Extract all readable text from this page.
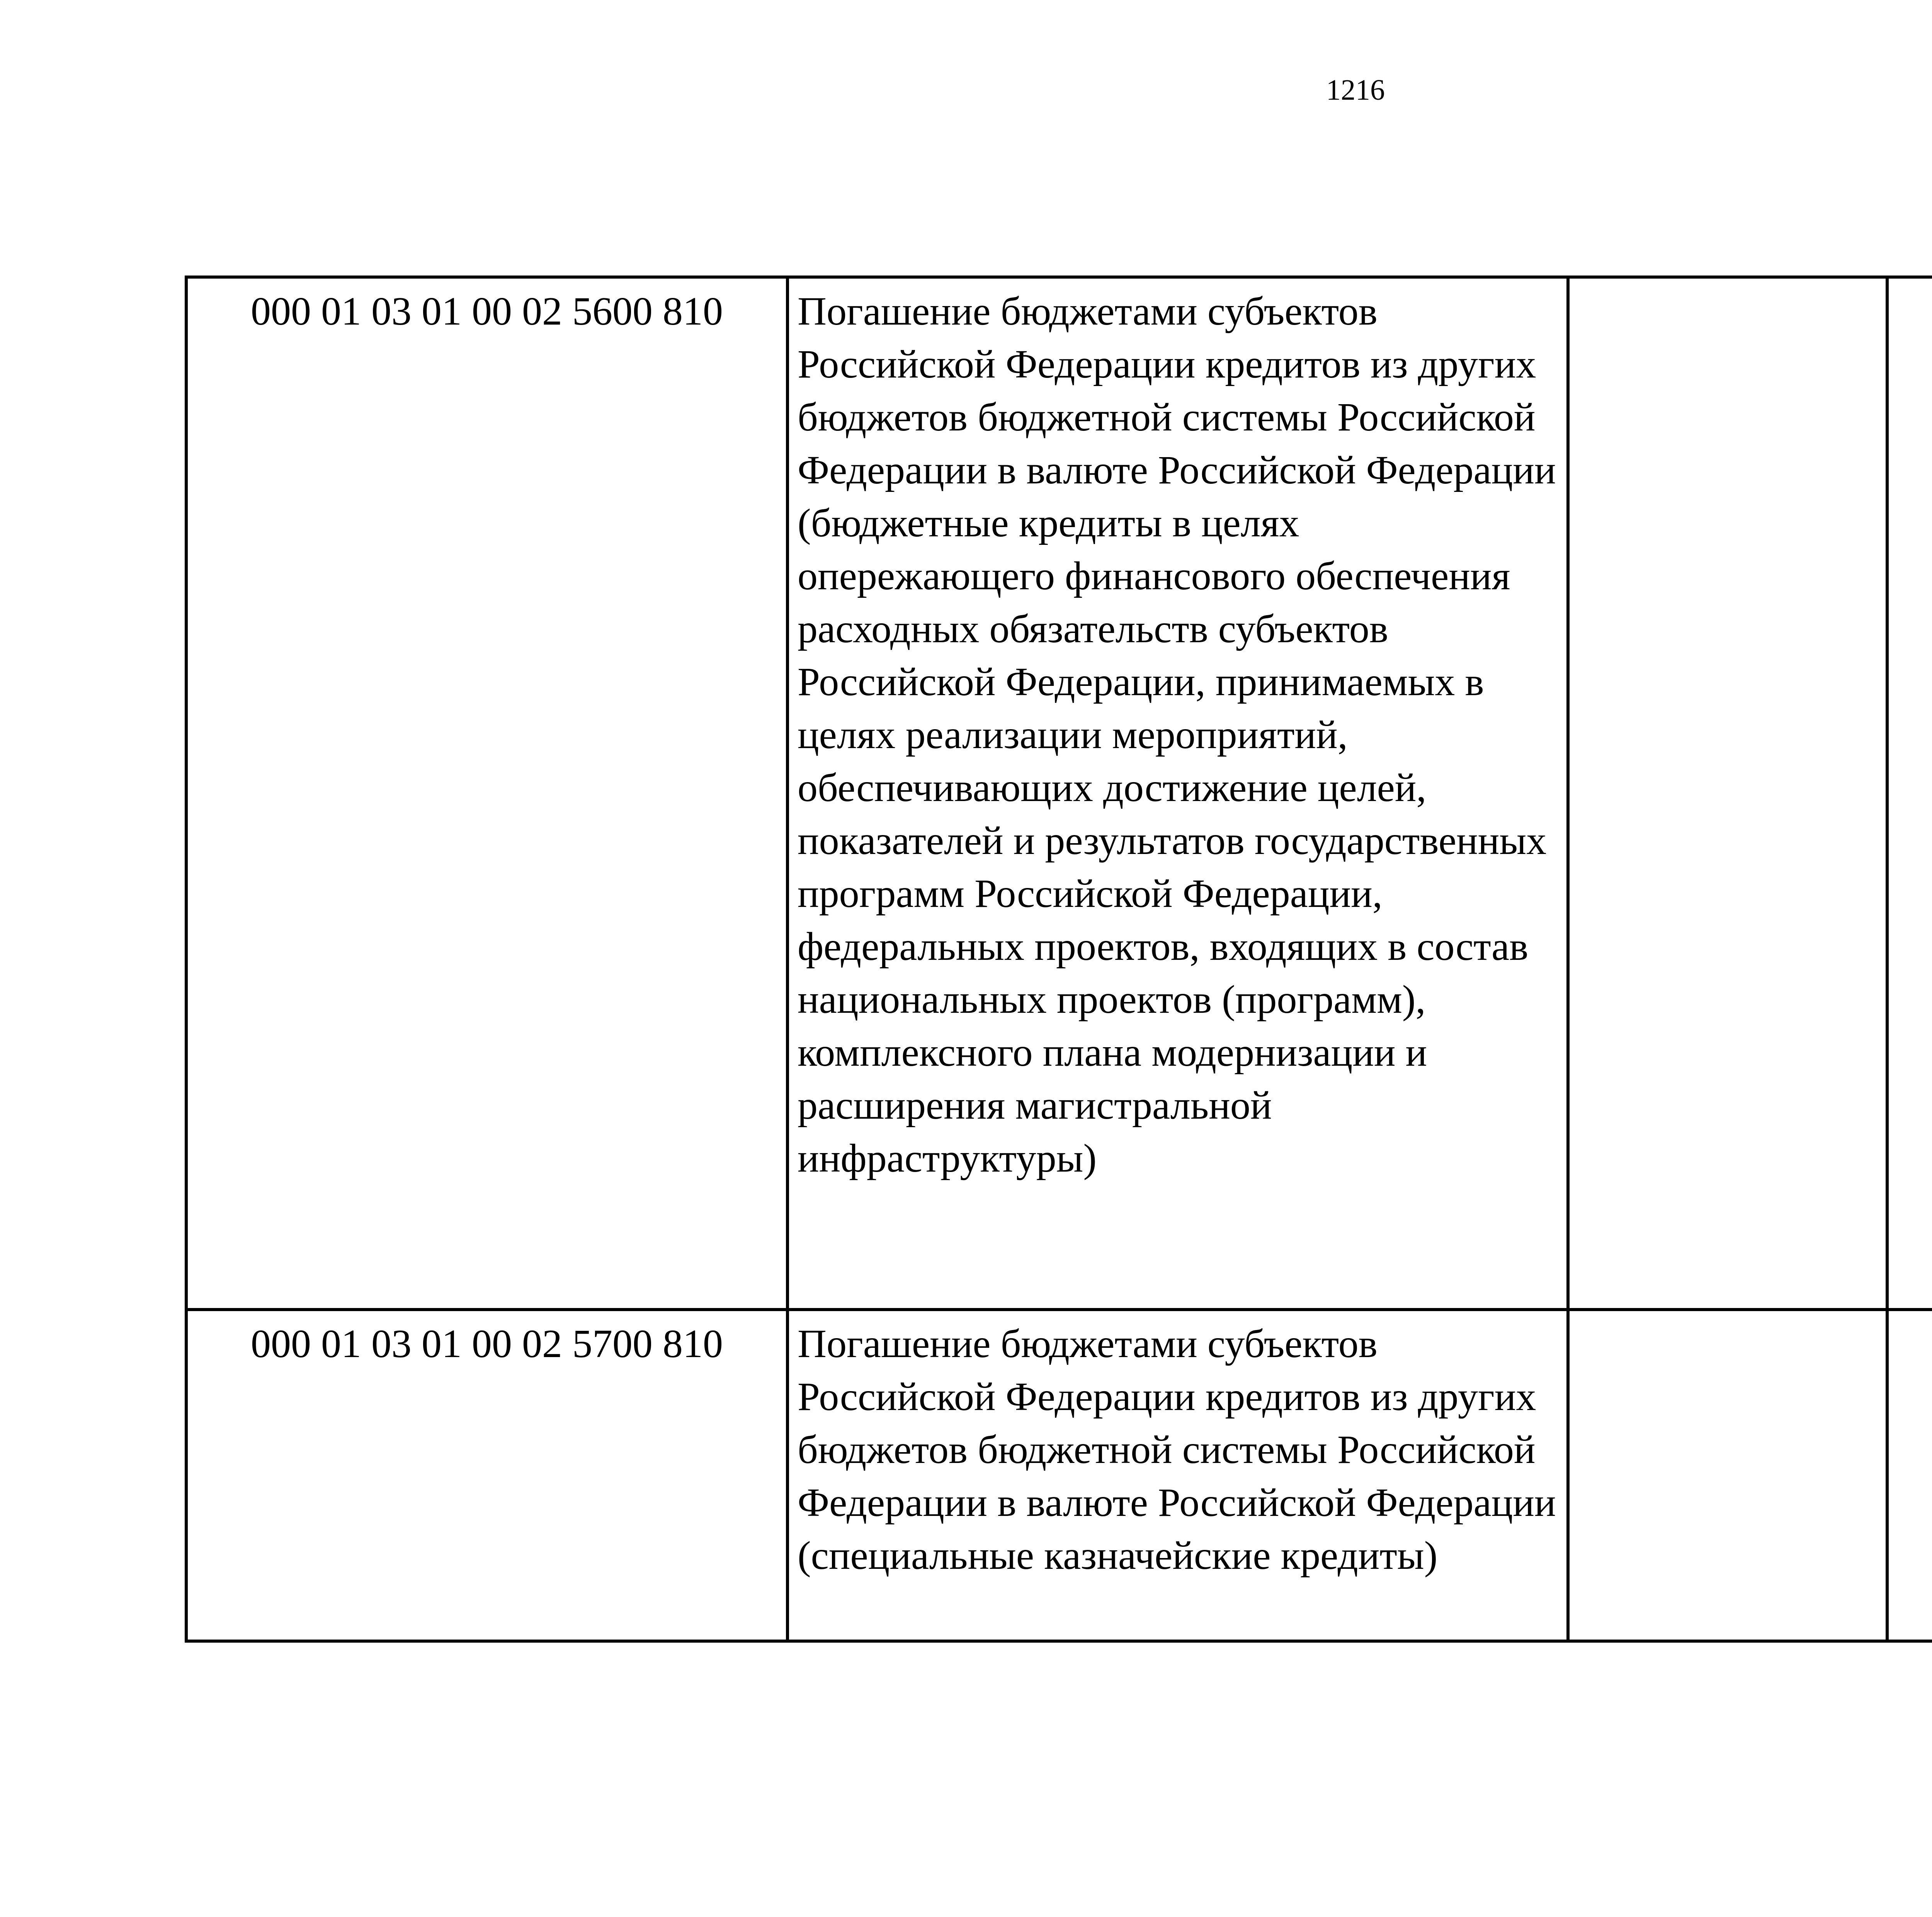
1216
000 01 03 01 00 02 5600 810	Погашение бюджетами субъектов Российской Федерации кредитов из других бюджетов бюджетной системы Российской Федерации в валюте Российской Федерации (бюджетные кредиты в целях опережающего финансового обеспечения расходных обязательств субъектов Российской Федерации, принимаемых в целях реализации мероприятий, обеспечивающих достижение целей, показателей и результатов государственных программ Российской Федерации, федеральных проектов, входящих в состав национальных проектов (программ), комплексного плана модернизации и расширения магистральной инфраструктуры)			
000 01 03 01 00 02 5700 810	Погашение бюджетами субъектов Российской Федерации кредитов из других бюджетов бюджетной системы Российской Федерации в валюте Российской Федерации (специальные казначейские кредиты)			
